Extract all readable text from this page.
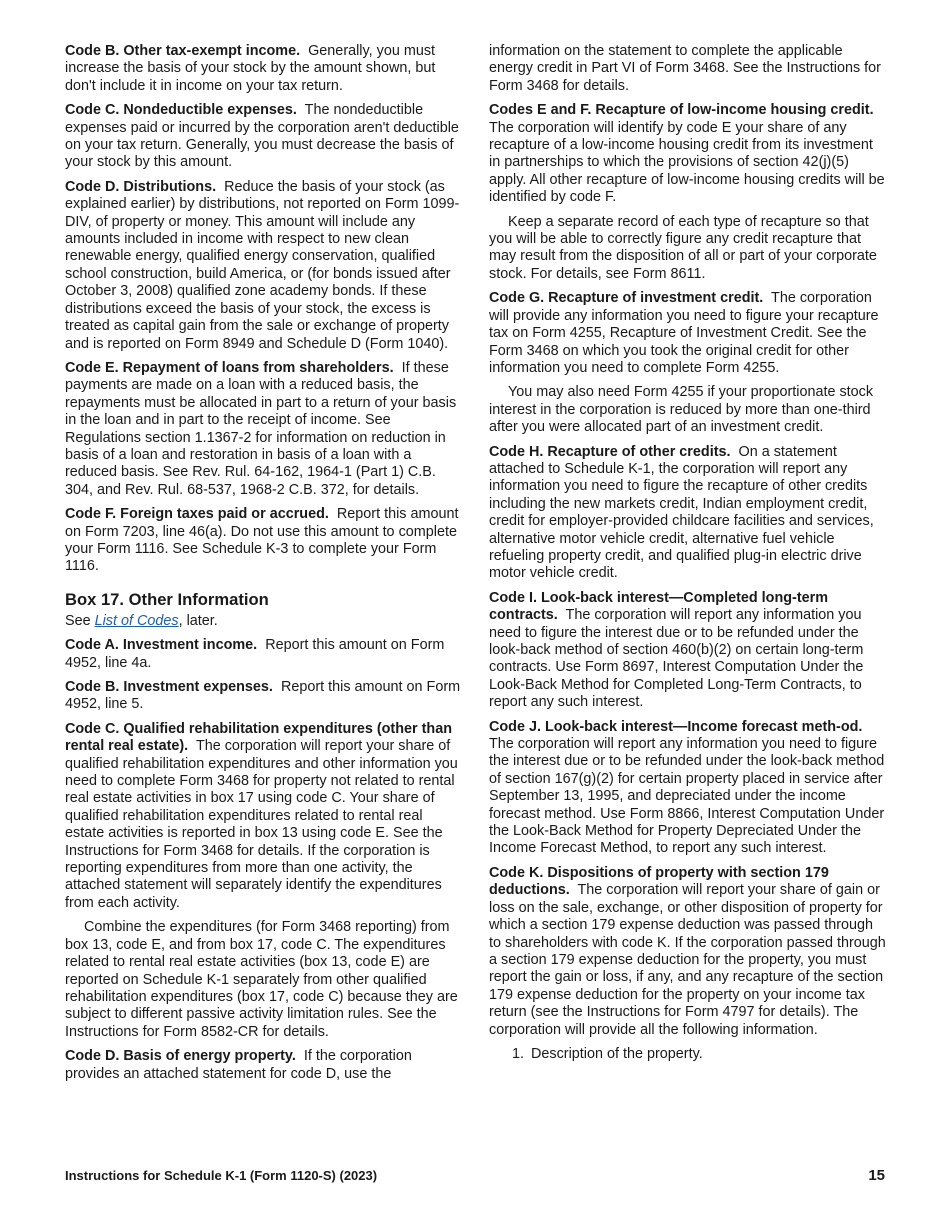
Code B. Other tax-exempt income. Generally, you must increase the basis of your stock by the amount shown, but don't include it in income on your tax return.

Code C. Nondeductible expenses. The nondeductible expenses paid or incurred by the corporation aren't deductible on your tax return. Generally, you must decrease the basis of your stock by this amount.

Code D. Distributions. Reduce the basis of your stock (as explained earlier) by distributions, not reported on Form 1099-DIV, of property or money. This amount will include any amounts included in income with respect to new clean renewable energy, qualified energy conservation, qualified school construction, build America, or (for bonds issued after October 3, 2008) qualified zone academy bonds. If these distributions exceed the basis of your stock, the excess is treated as capital gain from the sale or exchange of property and is reported on Form 8949 and Schedule D (Form 1040).

Code E. Repayment of loans from shareholders. If these payments are made on a loan with a reduced basis, the repayments must be allocated in part to a return of your basis in the loan and in part to the receipt of income. See Regulations section 1.1367-2 for information on reduction in basis of a loan and restoration in basis of a loan with a reduced basis. See Rev. Rul. 64-162, 1964-1 (Part 1) C.B. 304, and Rev. Rul. 68-537, 1968-2 C.B. 372, for details.

Code F. Foreign taxes paid or accrued. Report this amount on Form 7203, line 46(a). Do not use this amount to complete your Form 1116. See Schedule K-3 to complete your Form 1116.

Box 17. Other Information

See List of Codes, later.

Code A. Investment income. Report this amount on Form 4952, line 4a.

Code B. Investment expenses. Report this amount on Form 4952, line 5.

Code C. Qualified rehabilitation expenditures (other than rental real estate). The corporation will report your share of qualified rehabilitation expenditures and other information you need to complete Form 3468 for property not related to rental real estate activities in box 17 using code C. Your share of qualified rehabilitation expenditures related to rental real estate activities is reported in box 13 using code E. See the Instructions for Form 3468 for details. If the corporation is reporting expenditures from more than one activity, the attached statement will separately identify the expenditures from each activity.

Combine the expenditures (for Form 3468 reporting) from box 13, code E, and from box 17, code C. The expenditures related to rental real estate activities (box 13, code E) are reported on Schedule K-1 separately from other qualified rehabilitation expenditures (box 17, code C) because they are subject to different passive activity limitation rules. See the Instructions for Form 8582-CR for details.

Code D. Basis of energy property. If the corporation provides an attached statement for code D, use the

information on the statement to complete the applicable energy credit in Part VI of Form 3468. See the Instructions for Form 3468 for details.

Codes E and F. Recapture of low-income housing credit.  The corporation will identify by code E your share of any recapture of a low-income housing credit from its investment in partnerships to which the provisions of section 42(j)(5) apply. All other recapture of low-income housing credits will be identified by code F.

Keep a separate record of each type of recapture so that you will be able to correctly figure any credit recapture that may result from the disposition of all or part of your corporate stock. For details, see Form 8611.

Code G. Recapture of investment credit. The corporation will provide any information you need to figure your recapture tax on Form 4255, Recapture of Investment Credit. See the Form 3468 on which you took the original credit for other information you need to complete Form 4255.

You may also need Form 4255 if your proportionate stock interest in the corporation is reduced by more than one-third after you were allocated part of an investment credit.

Code H. Recapture of other credits. On a statement attached to Schedule K-1, the corporation will report any information you need to figure the recapture of other credits including the new markets credit, Indian employment credit, credit for employer-provided childcare facilities and services, alternative motor vehicle credit, alternative fuel vehicle refueling property credit, and qualified plug-in electric drive motor vehicle credit.

Code I. Look-back interest—Completed long-term contracts. The corporation will report any information you need to figure the interest due or to be refunded under the look-back method of section 460(b)(2) on certain long-term contracts. Use Form 8697, Interest Computation Under the Look-Back Method for Completed Long-Term Contracts, to report any such interest.

Code J. Look-back interest—Income forecast meth-od.  The corporation will report any information you need to figure the interest due or to be refunded under the look-back method of section 167(g)(2) for certain property placed in service after September 13, 1995, and depreciated under the income forecast method. Use Form 8866, Interest Computation Under the Look-Back Method for Property Depreciated Under the Income Forecast Method, to report any such interest.

Code K. Dispositions of property with section 179 deductions. The corporation will report your share of gain or loss on the sale, exchange, or other disposition of property for which a section 179 expense deduction was passed through to shareholders with code K. If the corporation passed through a section 179 expense deduction for the property, you must report the gain or loss, if any, and any recapture of the section 179 expense deduction for the property on your income tax return (see the Instructions for Form 4797 for details). The corporation will provide all the following information.

1. Description of the property.
Instructions for Schedule K-1 (Form 1120-S) (2023)	15
